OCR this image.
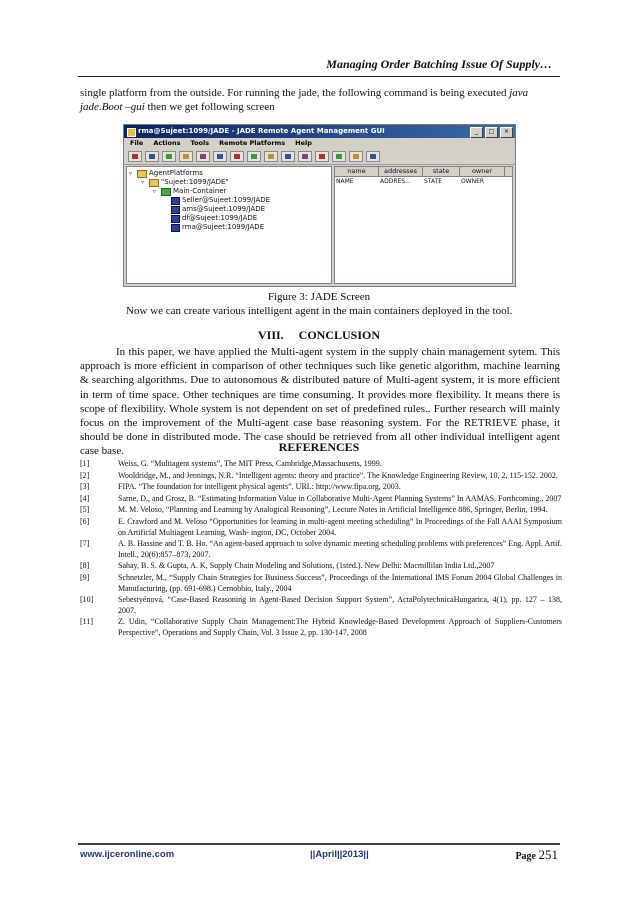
Managing Order Batching Issue Of Supply…
single platform from the outside. For running the jade, the following command is being executed java jade.Boot –gui then we get following screen
rma@Sujeet:1099/JADE - JADE Remote Agent Management GUI	_	□	×
File Actions Tools Remote Platforms Help
▿	AgentPlatforms
▿	"Sujeet:1099/JADE"
▿	Main-Container
Seller@Sujeet:1099/JADE
ams@Sujeet:1099/JADE
df@Sujeet:1099/JADE
rma@Sujeet:1099/JADE
name	addresses	state	owner
NAME	ADDRES...	STATE	OWNER
Figure 3: JADE Screen
Now we can create various intelligent agent in the main containers deployed in the tool.
VIII.     CONCLUSION
In this paper, we have applied the Multi-agent system in the supply chain management sytem. This approach is more efficient in comparison of other techniques such like genetic algorithm, machine learning & searching algorithms. Due to autonomous & distributed nature of Multi-agent system, it is more efficient in term of time space. Other techniques are time consuming. It provides more flexibility. It means there is scope of flexibility. Whole system is not dependent on set of predefined rules.. Further research will mainly focus on the improvement of the Multi-agent case base reasoning system. For the RETRIEVE phase, it should be done in distributed mode. The case should be retrieved from all other individual intelligent agent case base.	REFERENCES
[1]	Weiss, G. “Multiagent systems”, The MIT Press, Cambridge,Massachusetts, 1999.
[2]	Wooldridge, M., and Jennings, N.R. “Intelligent agents: theory and practice”. The Knowledge Engineering Review, 10, 2, 115-152. 2002.
[3]	FIPA. “The foundation for intelligent physical agents”. URL: http://www.fipa.org, 2003.
[4]	Sarne, D., and Grosz, B. “Estimating Information Value in Collaborative Multi-Agent Planning Systems” In AAMAS. Forthcoming., 2007
[5]	M. M. Veloso, “Planning and Learning by Analogical Reasoning”, Lecture Notes in Artificial Intelligence 886, Springer, Berlin, 1994.
[6]	E. Crawford and M. Veloso “Opportunities for learning in multi-agent meeting scheduling” In Proceedings of the Fall AAAI Symposium on Artificial Multiagent Learning, Wash- ington, DC, October 2004.
[7]	A. B. Hassine and T. B. Ho. “An agent-based approach to solve dynamic meeting scheduling problems with preferences” Eng. Appl. Artif. Intell., 20(6):857–873, 2007.
[8]	Sahay, B. S. & Gupta, A. K, Supply Chain Modeling and Solutions, (1sted.). New Delhi: Macmillilan India Ltd.,2007
[9]	Schnetzler, M., “Supply Chain Strategies for Business Success”, Proceedings of the International IMS Forum 2004 Global Challenges in Manufacturing, (pp. 691-698.) Cernobbio, Italy., 2004
[10]	Sebestyénová, “Case-Based Reasoning in Agent-Based Decision Support System”, ActaPolytechnicaHungarica, 4(1), pp. 127 – 138, 2007.
[11]	Z. Udin, “Collaborative Supply Chain Management:The Hybrid Knowledge-Based Development Approach of Suppliers-Customers Perspective”, Operations and Supply Chain, Vol. 3 Issue 2, pp. 130-147, 2008
www.ijceronline.com	||April||2013||	Page 251
